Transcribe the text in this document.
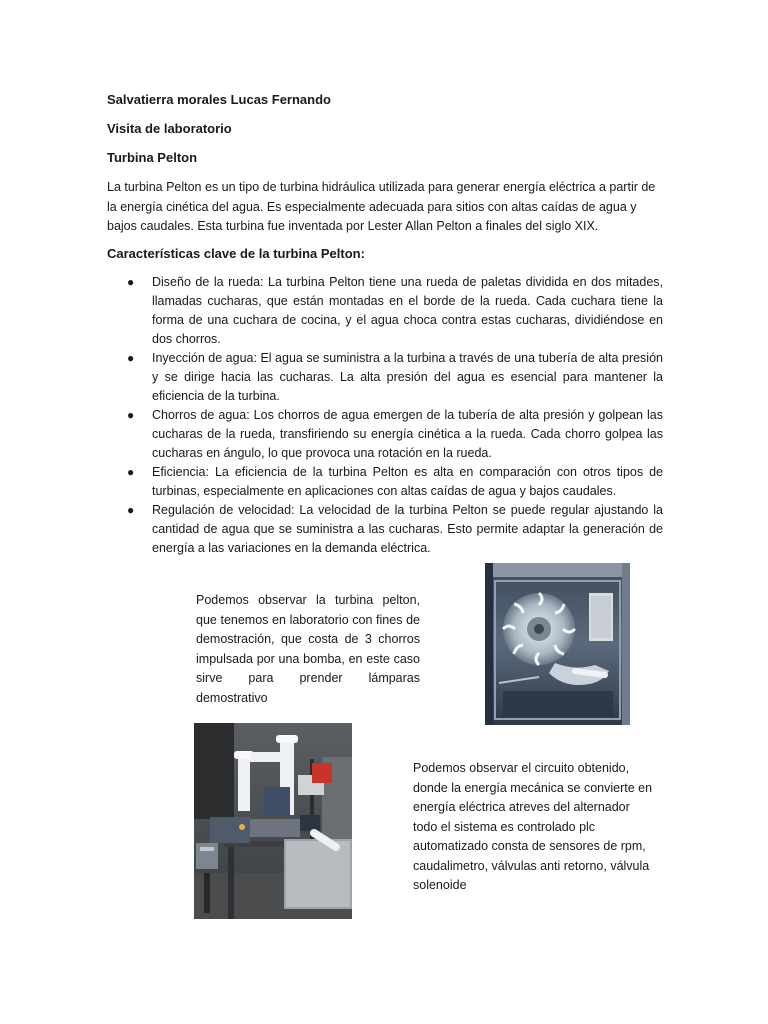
Salvatierra morales Lucas Fernando

Visita de laboratorio

Turbina Pelton

La turbina Pelton es un tipo de turbina hidráulica utilizada para generar energía eléctrica a partir de la energía cinética del agua. Es especialmente adecuada para sitios con altas caídas de agua y bajos caudales. Esta turbina fue inventada por Lester Allan Pelton a finales del siglo XIX.

Características clave de la turbina Pelton:

● Diseño de la rueda: La turbina Pelton tiene una rueda de paletas dividida en dos mitades, llamadas cucharas, que están montadas en el borde de la rueda. Cada cuchara tiene la forma de una cuchara de cocina, y el agua choca contra estas cucharas, dividiéndose en dos chorros.
● Inyección de agua: El agua se suministra a la turbina a través de una tubería de alta presión y se dirige hacia las cucharas. La alta presión del agua es esencial para mantener la eficiencia de la turbina.
● Chorros de agua: Los chorros de agua emergen de la tubería de alta presión y golpean las cucharas de la rueda, transfiriendo su energía cinética a la rueda. Cada chorro golpea las cucharas en ángulo, lo que provoca una rotación en la rueda.
● Eficiencia: La eficiencia de la turbina Pelton es alta en comparación con otros tipos de turbinas, especialmente en aplicaciones con altas caídas de agua y bajos caudales.
● Regulación de velocidad: La velocidad de la turbina Pelton se puede regular ajustando la cantidad de agua que se suministra a las cucharas. Esto permite adaptar la generación de energía a las variaciones en la demanda eléctrica.

Podemos observar la turbina pelton, que tenemos en laboratorio con fines de demostración, que costa de 3 chorros impulsada por una bomba, en este caso sirve para prender lámparas demostrativo

Podemos observar el circuito obtenido, donde la energía mecánica se convierte en energía eléctrica atreves del alternador todo el sistema es controlado plc automatizado consta de sensores de rpm, caudalimetro, válvulas anti retorno, válvula solenoide
